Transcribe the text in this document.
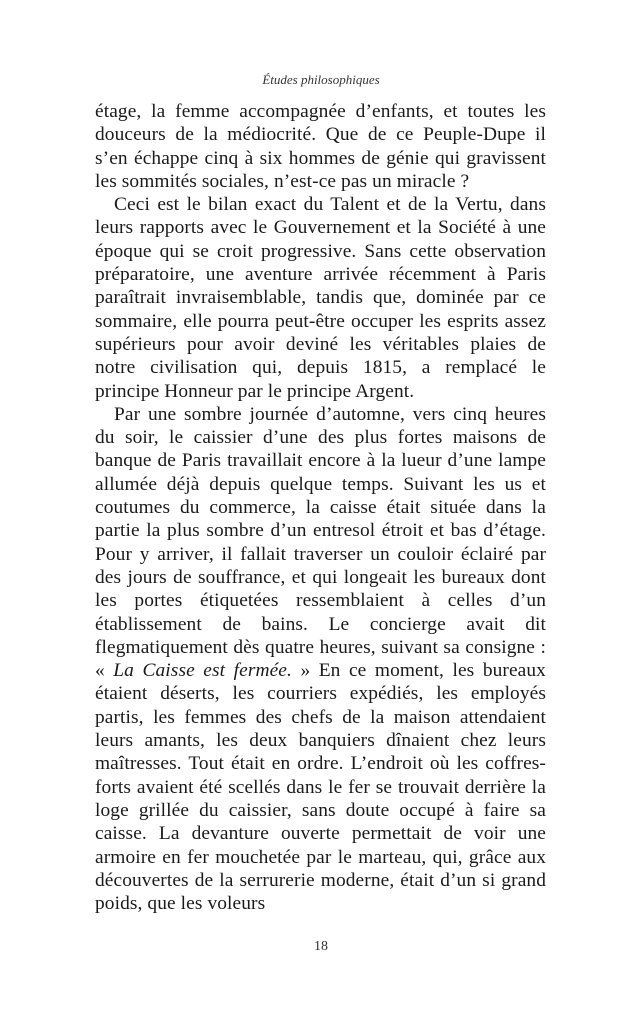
Études philosophiques

étage, la femme accompagnée d’enfants, et toutes les douceurs de la médiocrité. Que de ce Peuple-Dupe il s’en échappe cinq à six hommes de génie qui gravissent les sommités sociales, n’est-ce pas un miracle ?

Ceci est le bilan exact du Talent et de la Vertu, dans leurs rapports avec le Gouvernement et la Société à une époque qui se croit progressive. Sans cette observation préparatoire, une aventure arrivée récemment à Paris paraîtrait invraisemblable, tandis que, dominée par ce sommaire, elle pourra peut-être occuper les esprits assez supérieurs pour avoir deviné les véritables plaies de notre civilisation qui, depuis 1815, a remplacé le principe Honneur par le principe Argent.

Par une sombre journée d’automne, vers cinq heures du soir, le caissier d’une des plus fortes maisons de banque de Paris travaillait encore à la lueur d’une lampe allumée déjà depuis quelque temps. Suivant les us et coutumes du commerce, la caisse était située dans la partie la plus sombre d’un entresol étroit et bas d’étage. Pour y arriver, il fallait traverser un couloir éclairé par des jours de souffrance, et qui longeait les bureaux dont les portes étiquetées ressemblaient à celles d’un établissement de bains. Le concierge avait dit flegmatiquement dès quatre heures, suivant sa consigne : « La Caisse est fermée. » En ce moment, les bureaux étaient déserts, les courriers expédiés, les employés partis, les femmes des chefs de la maison attendaient leurs amants, les deux banquiers dînaient chez leurs maîtresses. Tout était en ordre. L’endroit où les coffres-forts avaient été scellés dans le fer se trouvait derrière la loge grillée du caissier, sans doute occupé à faire sa caisse. La devanture ouverte permettait de voir une armoire en fer mouchetée par le marteau, qui, grâce aux découvertes de la serrurerie moderne, était d’un si grand poids, que les voleurs

18
